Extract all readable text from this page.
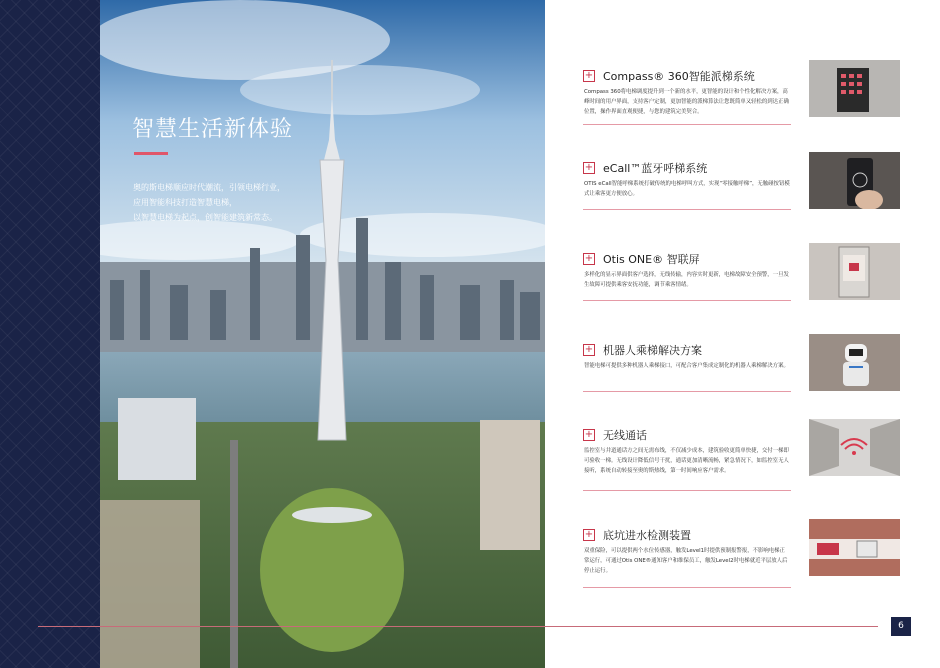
智慧生活新体验
奥的斯电梯顺应时代潮流，引领电梯行业，
应用智能科技打造智慧电梯，
以智慧电梯为起点，创智能建筑新常态。
+ Compass® 360智能派梯系统
Compass 360将电梯调度提升到一个新的水平，更智能的设计和个性化解决方案，高峰时间的用户界面，支持客户定制，更加智能的派梯算法让您既简单又轻松的到达正确位置，操作界面直观便捷，与您的建筑完美契合。
+ eCall™蓝牙呼梯系统
OTIS eCall智能呼梯系统打破传统的电梯呼叫方式，实现“零接触呼梯”，无触碰按钮模式让乘客更方便放心。
+ Otis ONE® 智联屏
多样化的显示界面供客户选择，无线传输，内容实时更新，电梯故障安全预警，一旦发生故障可提供乘客安抚功能，调节乘客情绪。
+ 机器人乘梯解决方案
智能电梯可提供多种机器人乘梯接口，可配合客户集成定制化的机器人乘梯解决方案。
+ 无线通话
监控室与井道通话方之间无需布线，不仅减少成本，建筑验收更简单快捷，交付一梯即可验收一梯。无线设计降低信号干扰，通话更加清晰流畅，紧急情况下，如监控室无人接听，系统自动转接至奥的斯热线，第一时间响应客户需求。
+ 底坑进水检测装置
双重保险，可以提供两个水位传感器，触发Level1时提供预制报警报，不影响电梯正常运行，可通过Otis ONE®通知客户和维保员工，触发Level2时电梯就近平层放人后停止运行。
6
